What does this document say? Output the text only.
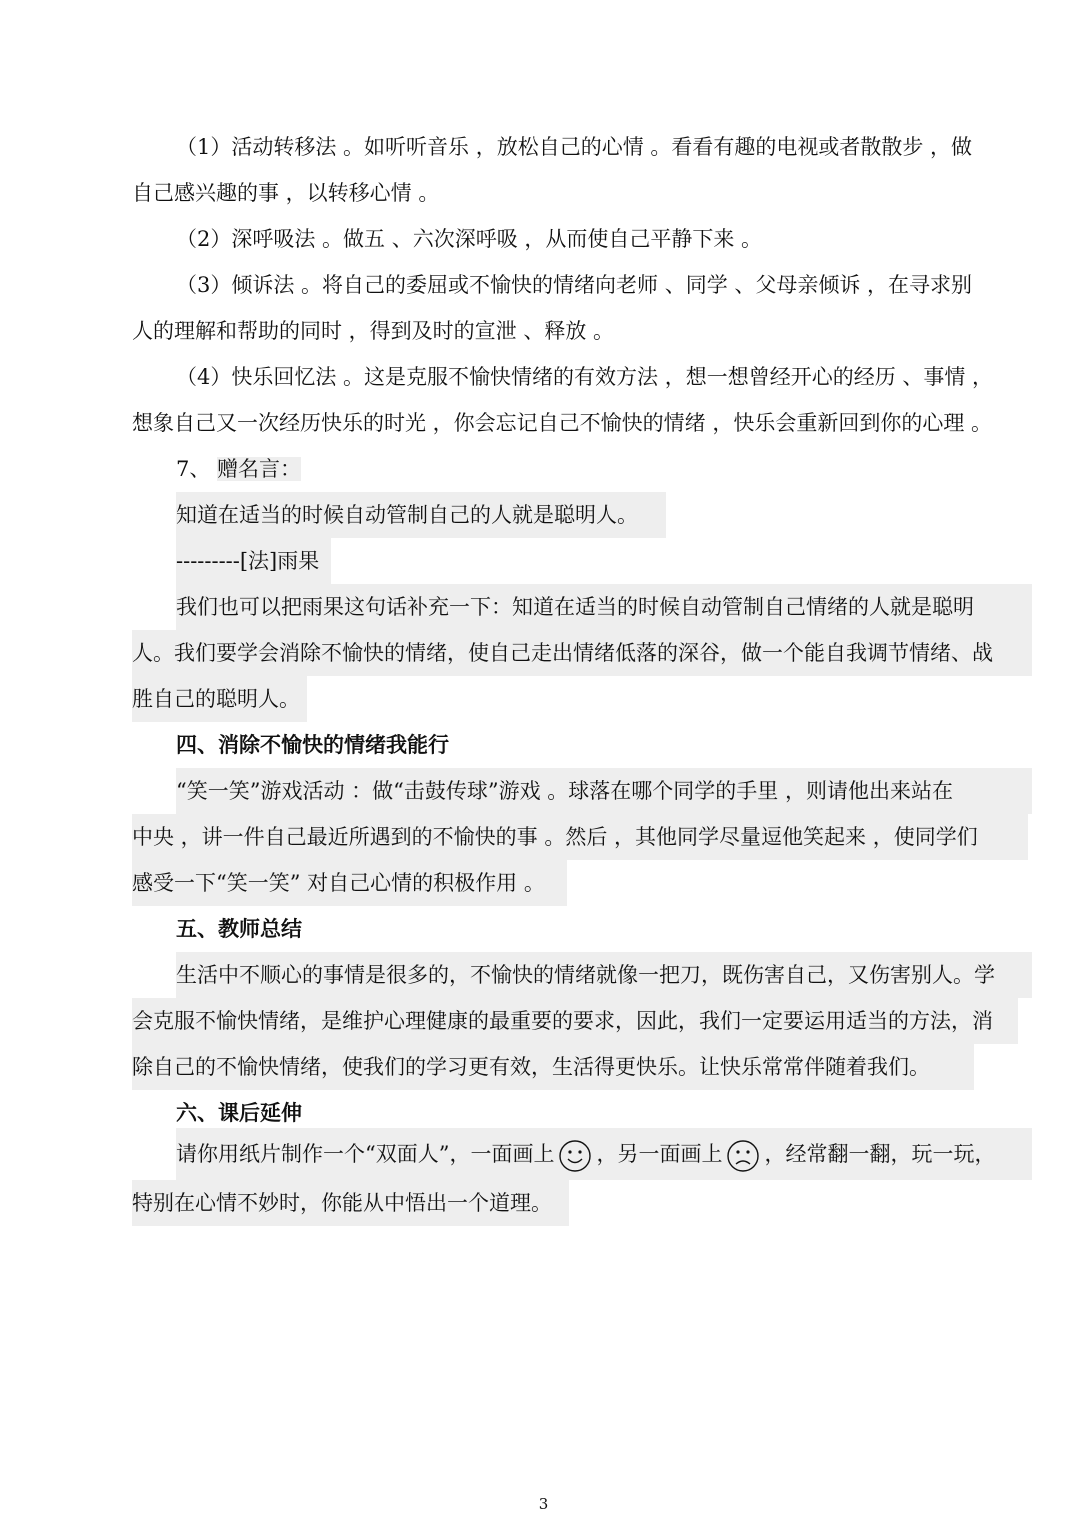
（1）活动转移法 。如听听音乐 ，放松自己的心情 。看看有趣的电视或者散散步 ，做
自己感兴趣的事 ，以转移心情 。
（2）深呼吸法 。做五 、六次深呼吸 ，从而使自己平静下来 。
（3）倾诉法 。将自己的委屈或不愉快的情绪向老师 、同学 、父母亲倾诉 ，在寻求别
人的理解和帮助的同时 ，得到及时的宣泄 、释放 。
（4）快乐回忆法 。这是克服不愉快情绪的有效方法 ，想一想曾经开心的经历 、事情 ，
想象自己又一次经历快乐的时光 ，你会忘记自己不愉快的情绪 ，快乐会重新回到你的心理 。
7、 赠名言：
知道在适当的时候自动管制自己的人就是聪明人。
---------[法]雨果
我们也可以把雨果这句话补充一下：知道在适当的时候自动管制自己情绪的人就是聪明
人。我们要学会消除不愉快的情绪，使自己走出情绪低落的深谷，做一个能自我调节情绪、战
胜自己的聪明人。
四、消除不愉快的情绪我能行
“笑一笑”游戏活动 ：做“击鼓传球”游戏 。球落在哪个同学的手里 ，则请他出来站在
中央 ，讲一件自己最近所遇到的不愉快的事 。然后 ，其他同学尽量逗他笑起来 ，使同学们
感受一下“笑一笑” 对自己心情的积极作用 。
五、教师总结
生活中不顺心的事情是很多的，不愉快的情绪就像一把刀，既伤害自己，又伤害别人。学
会克服不愉快情绪，是维护心理健康的最重要的要求，因此，我们一定要运用适当的方法，消
除自己的不愉快情绪，使我们的学习更有效，生活得更快乐。让快乐常常伴随着我们。
六、课后延伸
请你用纸片制作一个“双面人”，一面画上 ，另一面画上 ，经常翻一翻，玩一玩，
特别在心情不妙时，你能从中悟出一个道理。
3
